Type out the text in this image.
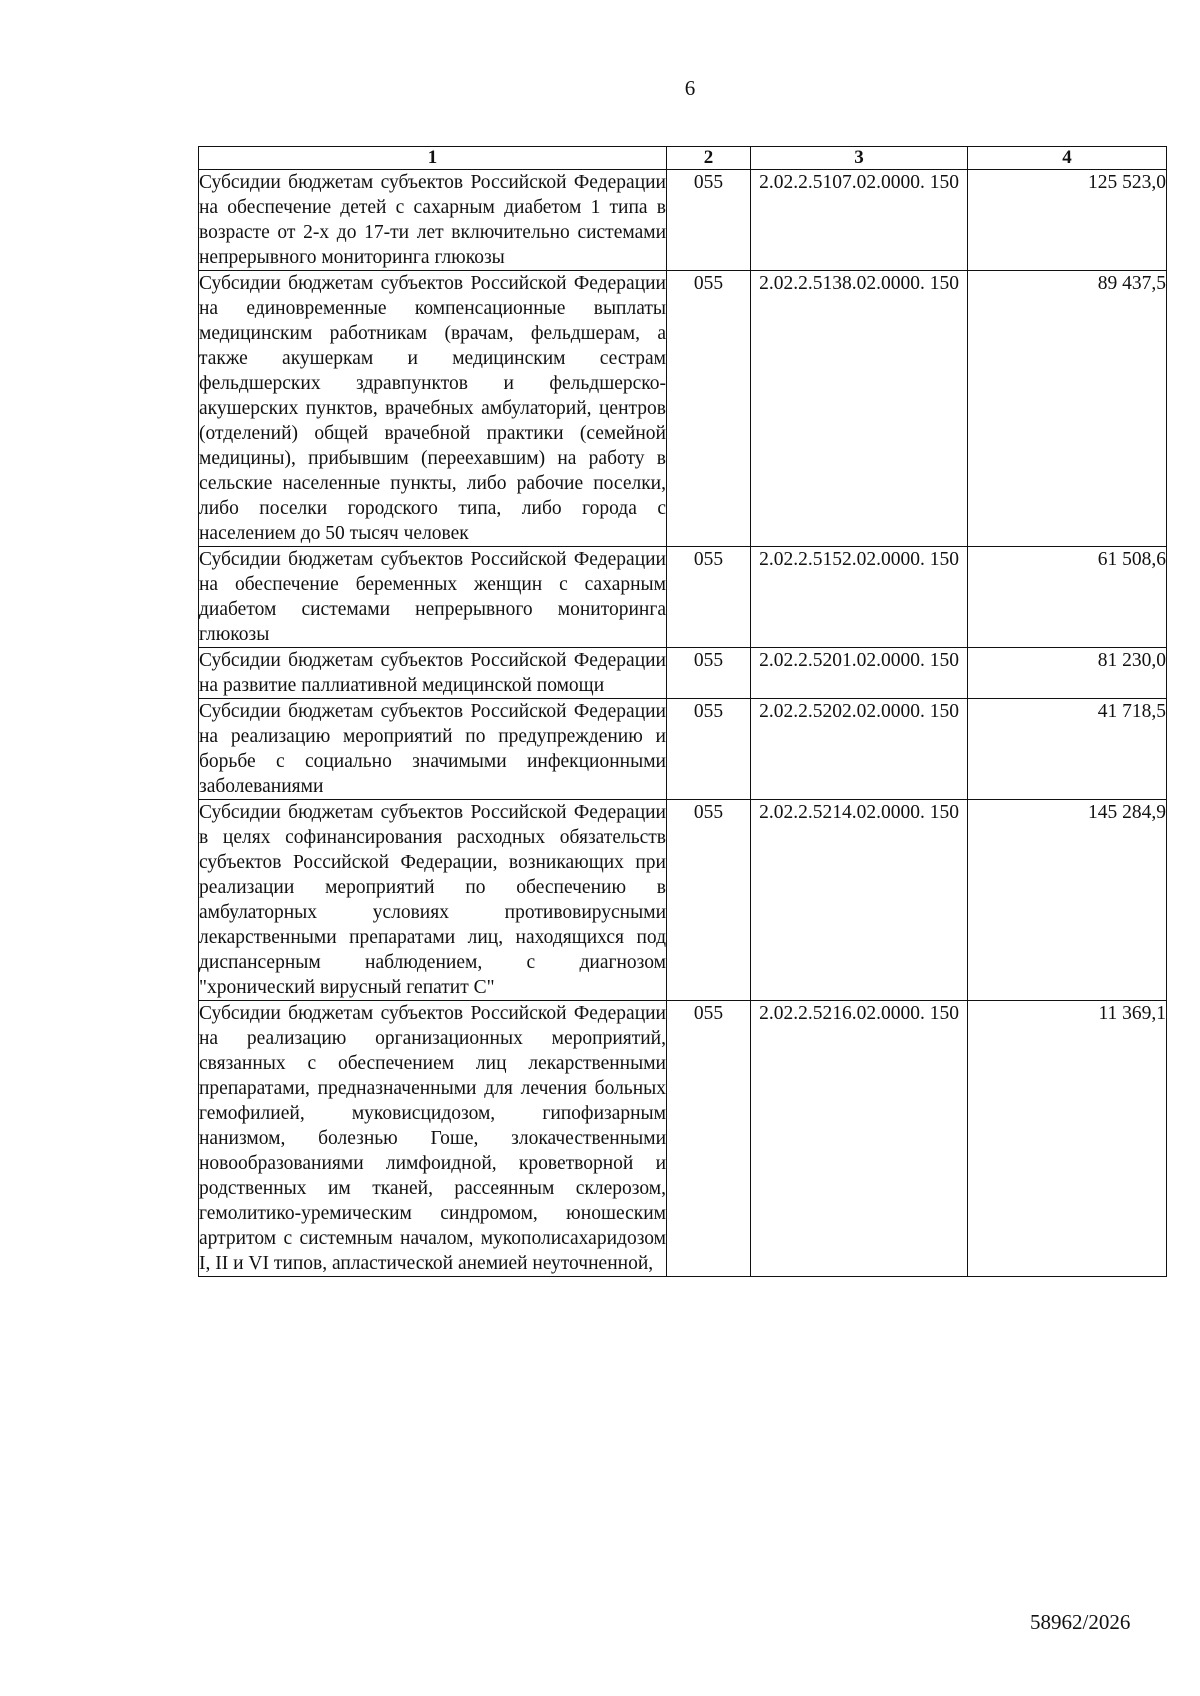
6
1	2	3	4
Субсидии бюджетам субъектов Российской Федерации на обеспечение детей с сахарным диабетом 1 типа в возрасте от 2-х до 17-ти лет включительно системами непрерывного мониторинга глюкозы	055	2.02.2.5107.02.0000. 150	125 523,0
Субсидии бюджетам субъектов Российской Федерации на единовременные компенсационные выплаты медицинским работникам (врачам, фельдшерам, а также акушеркам и медицинским сестрам фельдшерских здравпунктов и фельдшерско-акушерских пунктов, врачебных амбулаторий, центров (отделений) общей врачебной практики (семейной медицины), прибывшим (переехавшим) на работу в сельские населенные пункты, либо рабочие поселки, либо поселки городского типа, либо города с населением до 50 тысяч человек	055	2.02.2.5138.02.0000. 150	89 437,5
Субсидии бюджетам субъектов Российской Федерации на обеспечение беременных женщин с сахарным диабетом системами непрерывного мониторинга глюкозы	055	2.02.2.5152.02.0000. 150	61 508,6
Субсидии бюджетам субъектов Российской Федерации на развитие паллиативной медицинской помощи	055	2.02.2.5201.02.0000. 150	81 230,0
Субсидии бюджетам субъектов Российской Федерации на реализацию мероприятий по предупреждению и борьбе с социально значимыми инфекционными заболеваниями	055	2.02.2.5202.02.0000. 150	41 718,5
Субсидии бюджетам субъектов Российской Федерации в целях софинансирования расходных обязательств субъектов Российской Федерации, возникающих при реализации мероприятий по обеспечению в амбулаторных условиях противовирусными лекарственными препаратами лиц, находящихся под диспансерным наблюдением, с диагнозом "хронический вирусный гепатит С"	055	2.02.2.5214.02.0000. 150	145 284,9
Субсидии бюджетам субъектов Российской Федерации на реализацию организационных мероприятий, связанных с обеспечением лиц лекарственными препаратами, предназначенными для лечения больных гемофилией, муковисцидозом, гипофизарным нанизмом, болезнью Гоше, злокачественными новообразованиями лимфоидной, кроветворной и родственных им тканей, рассеянным склерозом, гемолитико-уремическим синдромом, юношеским артритом с системным началом, мукополисахаридозом I, II и VI типов, апластической анемией неуточненной,	055	2.02.2.5216.02.0000. 150	11 369,1
58962/2026
